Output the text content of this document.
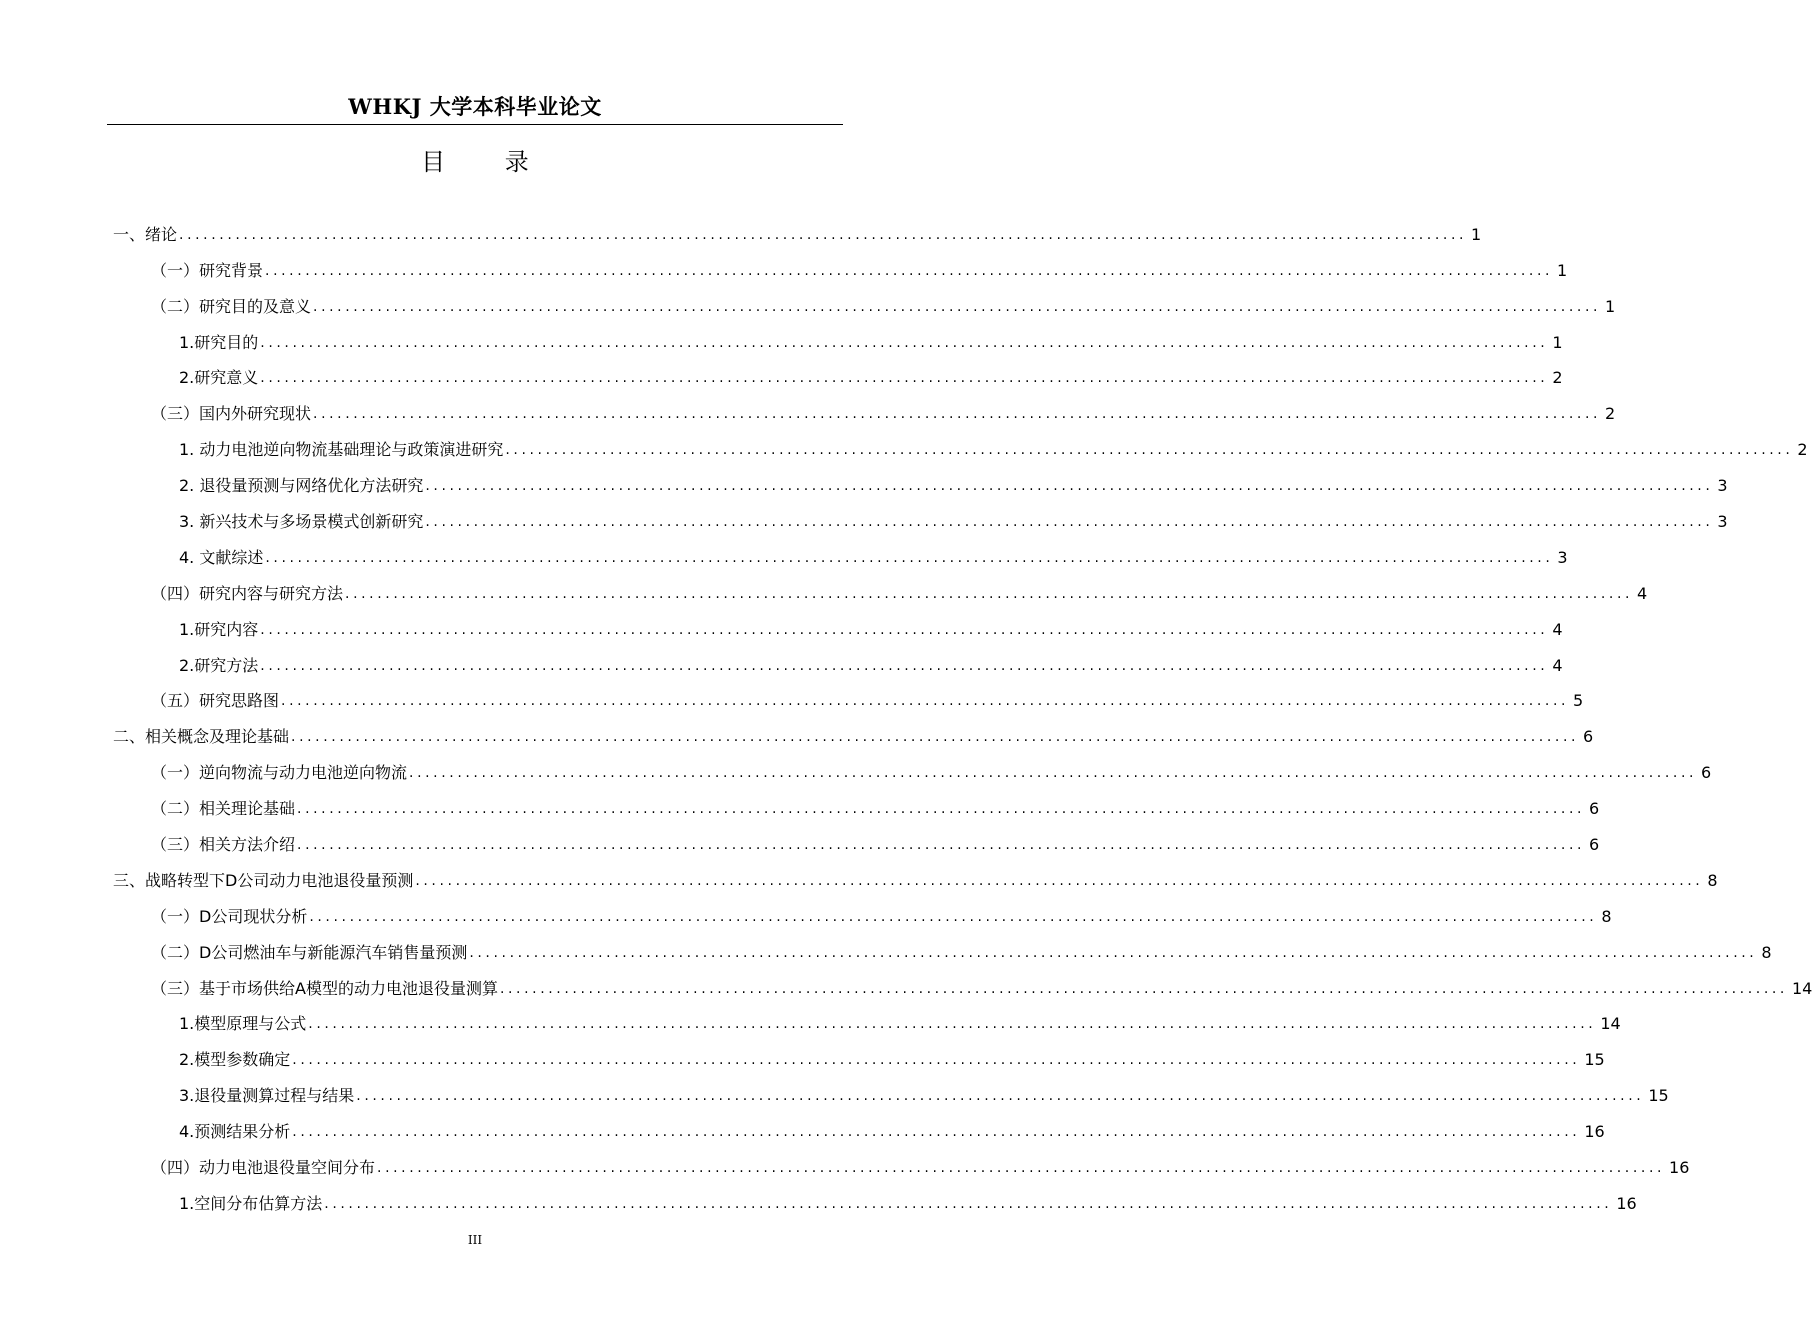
WHKJ 大学本科毕业论文
目 录
一、绪论 ................................................................................................................................................................ 1
（一）研究背景 ................................................................................................................................................................ 1
（二）研究目的及意义 ................................................................................................................................................................ 1
1.研究目的 ................................................................................................................................................................ 1
2.研究意义 ................................................................................................................................................................ 2
（三）国内外研究现状 ................................................................................................................................................................ 2
1. 动力电池逆向物流基础理论与政策演进研究 ................................................................................................................................................................ 2
2. 退役量预测与网络优化方法研究 ................................................................................................................................................................ 3
3. 新兴技术与多场景模式创新研究 ................................................................................................................................................................ 3
4. 文献综述 ................................................................................................................................................................ 3
（四）研究内容与研究方法 ................................................................................................................................................................ 4
1.研究内容 ................................................................................................................................................................ 4
2.研究方法 ................................................................................................................................................................ 4
（五）研究思路图 ................................................................................................................................................................ 5
二、相关概念及理论基础 ................................................................................................................................................................ 6
（一）逆向物流与动力电池逆向物流 ................................................................................................................................................................ 6
（二）相关理论基础 ................................................................................................................................................................ 6
（三）相关方法介绍 ................................................................................................................................................................ 6
三、战略转型下D公司动力电池退役量预测 ................................................................................................................................................................ 8
（一）D公司现状分析 ................................................................................................................................................................ 8
（二）D公司燃油车与新能源汽车销售量预测 ................................................................................................................................................................ 8
（三）基于市场供给A模型的动力电池退役量测算 ................................................................................................................................................................ 14
1.模型原理与公式 ................................................................................................................................................................ 14
2.模型参数确定 ................................................................................................................................................................ 15
3.退役量测算过程与结果 ................................................................................................................................................................ 15
4.预测结果分析 ................................................................................................................................................................ 16
（四）动力电池退役量空间分布 ................................................................................................................................................................ 16
1.空间分布估算方法 ................................................................................................................................................................ 16
III
